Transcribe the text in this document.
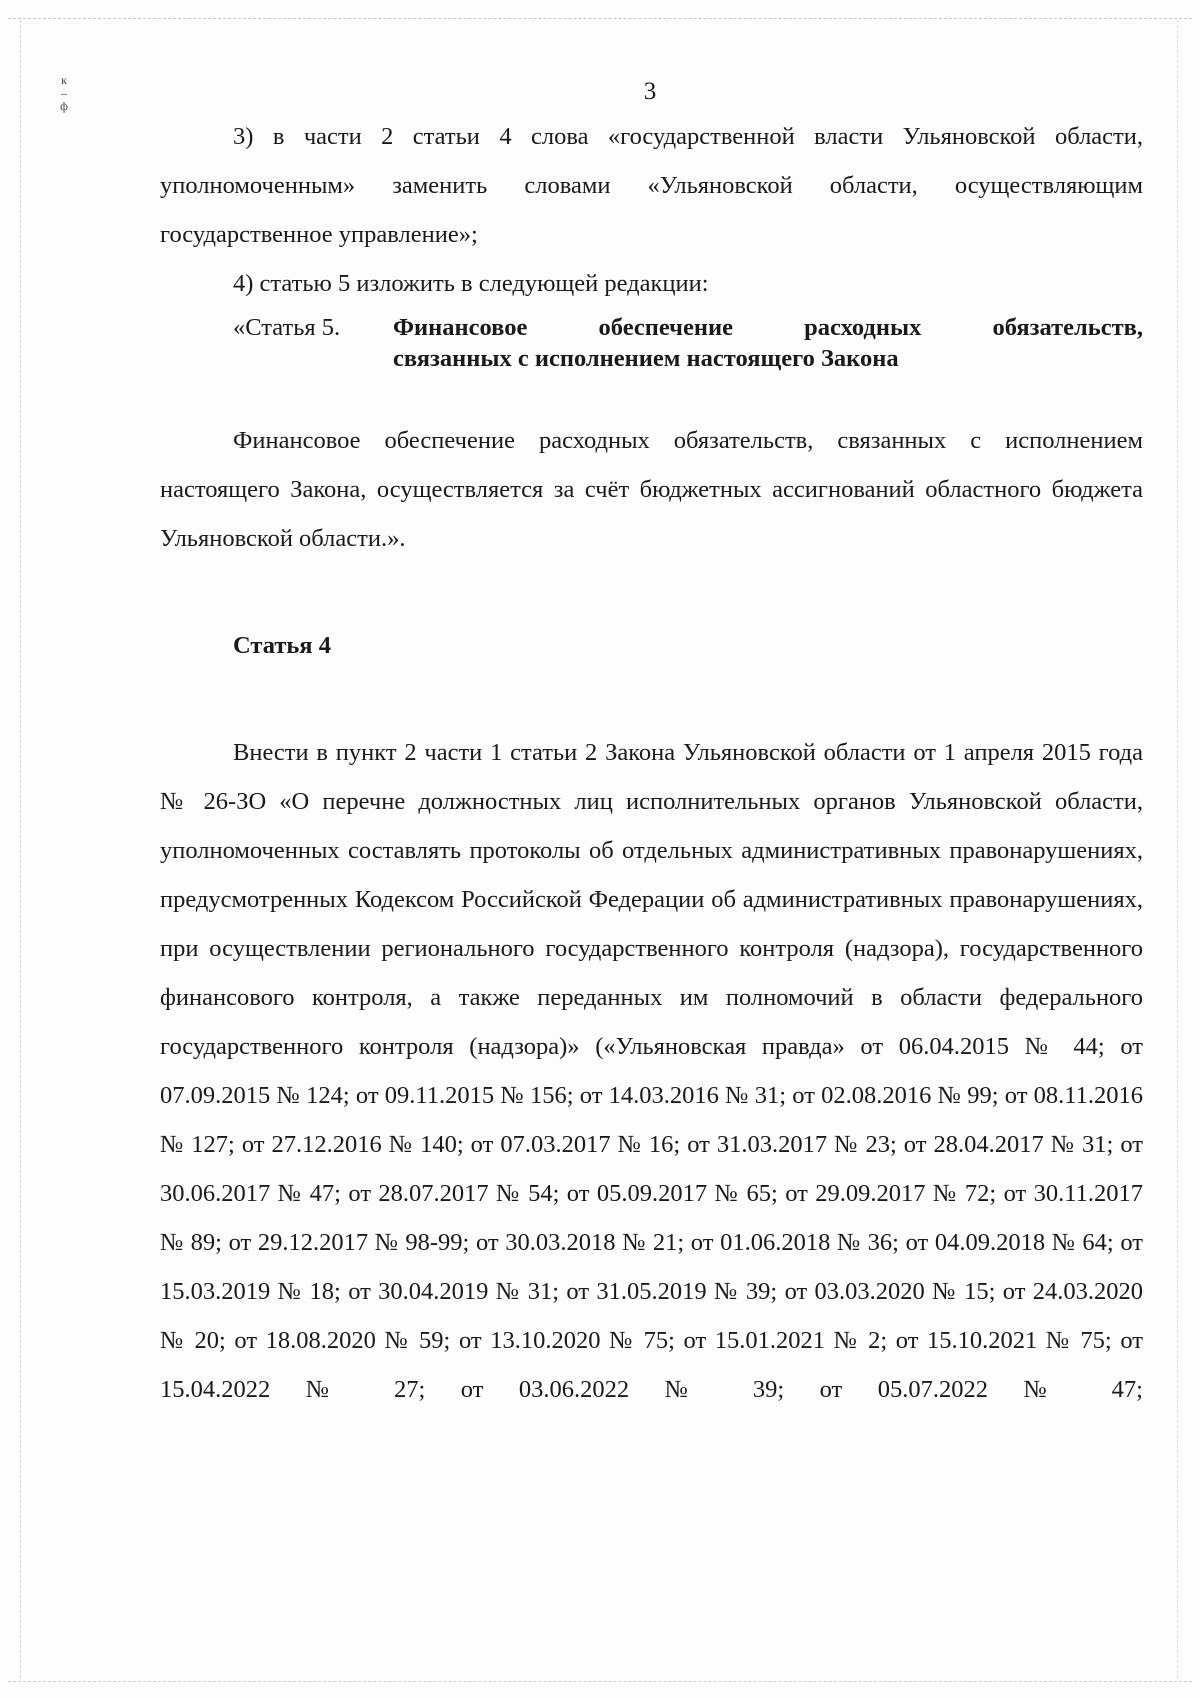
к
–
ф
3

3) в части 2 статьи 4 слова «государственной власти Ульяновской области, уполномоченным» заменить словами «Ульяновской области, осуществляющим государственное управление»;

4) статью 5 изложить в следующей редакции:

«Статья 5.	Финансовое обеспечение расходных обязательств,
связанных с исполнением настоящего Закона

Финансовое обеспечение расходных обязательств, связанных с исполнением настоящего Закона, осуществляется за счёт бюджетных ассигнований областного бюджета Ульяновской области.».

Статья 4

Внести в пункт 2 части 1 статьи 2 Закона Ульяновской области от 1 апреля 2015 года № 26-ЗО «О перечне должностных лиц исполнительных органов Ульяновской области, уполномоченных составлять протоколы об отдельных административных правонарушениях, предусмотренных Кодексом Российской Федерации об административных правонарушениях, при осуществлении регионального государственного контроля (надзора), государственного финансового контроля, а также переданных им полномочий в области федерального государственного контроля (надзора)» («Ульяновская правда» от 06.04.2015 № 44; от 07.09.2015 № 124; от 09.11.2015 № 156; от 14.03.2016 № 31; от 02.08.2016 № 99; от 08.11.2016 № 127; от 27.12.2016 № 140; от 07.03.2017 № 16; от 31.03.2017 № 23; от 28.04.2017 № 31; от 30.06.2017 № 47; от 28.07.2017 № 54; от 05.09.2017 № 65; от 29.09.2017 № 72; от 30.11.2017 № 89; от 29.12.2017 № 98-99; от 30.03.2018 № 21; от 01.06.2018 № 36; от 04.09.2018 № 64; от 15.03.2019 № 18; от 30.04.2019 № 31; от 31.05.2019 № 39; от 03.03.2020 № 15; от 24.03.2020 № 20; от 18.08.2020 № 59; от 13.10.2020 № 75; от 15.01.2021 № 2; от 15.10.2021 № 75; от 15.04.2022 № 27; от 03.06.2022 № 39; от 05.07.2022 № 47;
